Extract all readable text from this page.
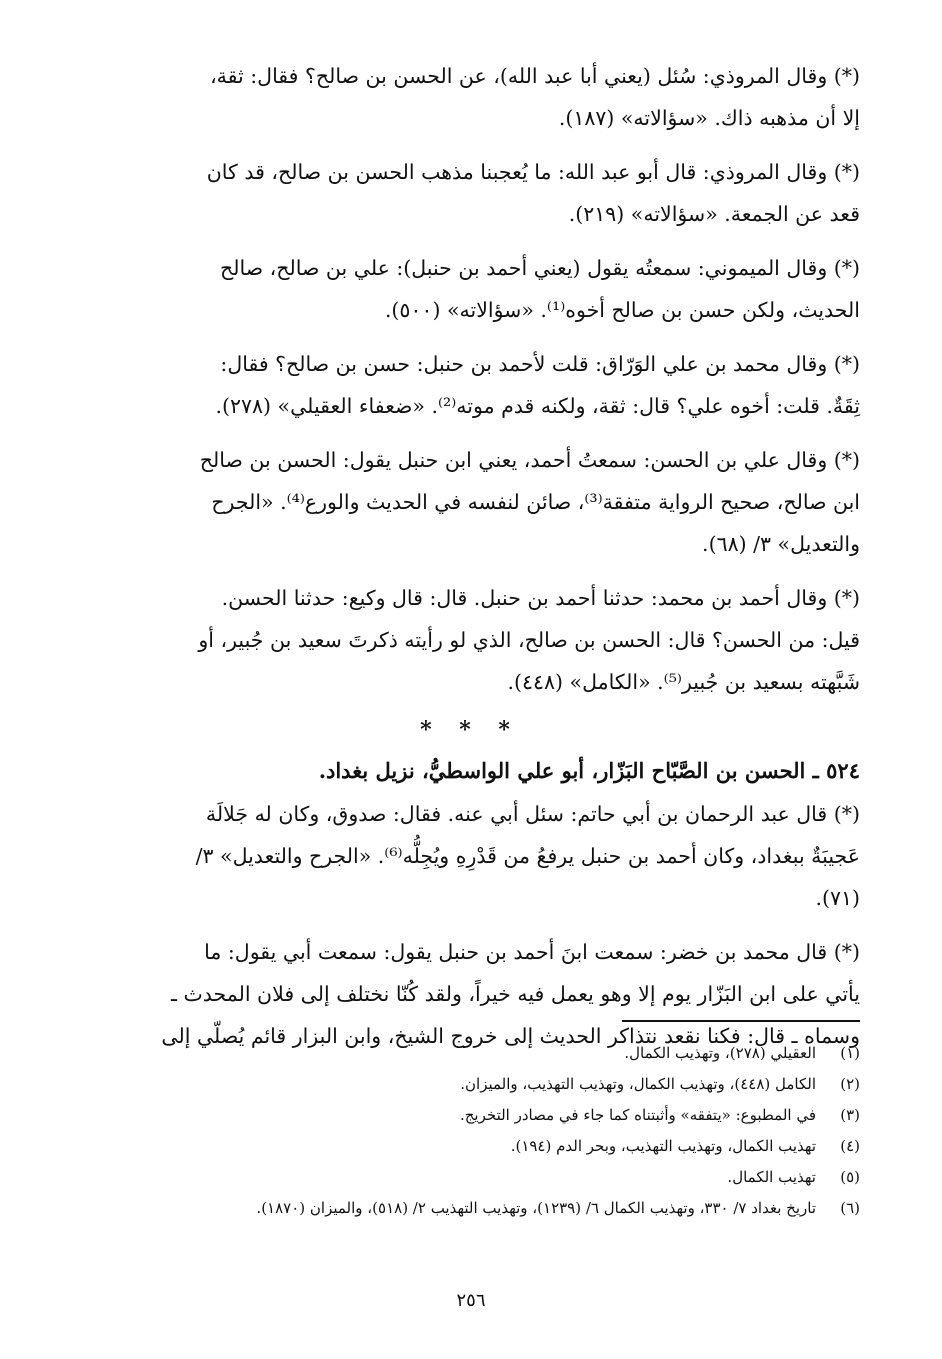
(*) وقال المروذي: سُئل (يعني أبا عبد الله)، عن الحسن بن صالح؟ فقال: ثقة،
إلا أن مذهبه ذاك. «سؤالاته» (١٨٧).
(*) وقال المروذي: قال أبو عبد الله: ما يُعجبنا مذهب الحسن بن صالح، قد كان
قعد عن الجمعة. «سؤالاته» (٢١٩).
(*) وقال الميموني: سمعتُه يقول (يعني أحمد بن حنبل): علي بن صالح، صالح
الحديث، ولكن حسن بن صالح أخوه⁽¹⁾. «سؤالاته» (٥٠٠).
(*) وقال محمد بن علي الوَرّاق: قلت لأحمد بن حنبل: حسن بن صالح؟ فقال:
ثِقَةٌ. قلت: أخوه علي؟ قال: ثقة، ولكنه قدم موته⁽²⁾. «ضعفاء العقيلي» (٢٧٨).
(*) وقال علي بن الحسن: سمعتُ أحمد، يعني ابن حنبل يقول: الحسن بن صالح
ابن صالح، صحيح الرواية متفقة⁽³⁾، صائن لنفسه في الحديث والورع⁽⁴⁾. «الجرح
والتعديل» ٣/ (٦٨).
(*) وقال أحمد بن محمد: حدثنا أحمد بن حنبل. قال: قال وكيع: حدثنا الحسن.
قيل: من الحسن؟ قال: الحسن بن صالح، الذي لو رأيته ذكرتَ سعيد بن جُبير، أو
شَبَّهته بسعيد بن جُبير⁽⁵⁾. «الكامل» (٤٤٨).
* * *
٥٢٤ ـ الحسن بن الصَّبّاح البَزّار، أبو علي الواسطيُّ، نزيل بغداد.
(*) قال عبد الرحمان بن أبي حاتم: سئل أبي عنه. فقال: صدوق، وكان له جَلالَة
عَجيبَةٌ ببغداد، وكان أحمد بن حنبل يرفعُ من قَدْرِهِ ويُجِلُّه⁽⁶⁾. «الجرح والتعديل» ٣/
(٧١).
(*) قال محمد بن خضر: سمعت ابنَ أحمد بن حنبل يقول: سمعت أبي يقول: ما
يأتي على ابن البَزّار يوم إلا وهو يعمل فيه خيراً، ولقد كُنّا نختلف إلى فلان المحدث ـ
وسماه ـ قال: فكنا نقعد نتذاكر الحديث إلى خروج الشيخ، وابن البزار قائم يُصلّي إلى
(١)
العقيلي (٢٧٨)، وتهذيب الكمال.
(٢)
الكامل (٤٤٨)، وتهذيب الكمال، وتهذيب التهذيب، والميزان.
(٣)
في المطبوع: «يتفقه» وأثبتناه كما جاء في مصادر التخريج.
(٤)
تهذيب الكمال، وتهذيب التهذيب، وبحر الدم (١٩٤).
(٥)
تهذيب الكمال.
(٦)
تاريخ بغداد ٧/ ٣٣٠، وتهذيب الكمال ٦/ (١٢٣٩)، وتهذيب التهذيب ٢/ (٥١٨)، والميزان (١٨٧٠).
٢٥٦
